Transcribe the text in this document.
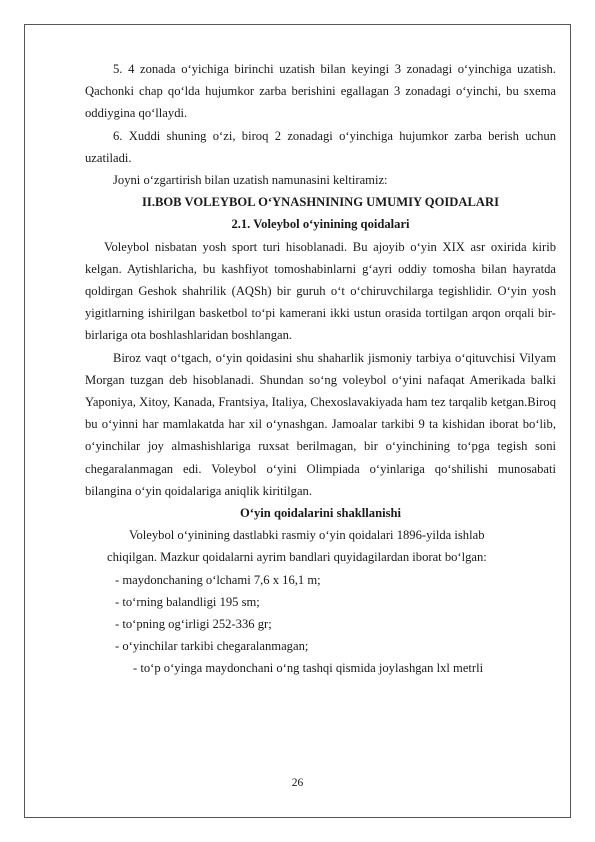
5. 4 zonada o‘yichiga birinchi uzatish bilan keyingi 3 zonadagi o‘yinchiga uzatish. Qachonki chap qo‘lda hujumkor zarba berishini egallagan 3 zonadagi o‘yinchi, bu sxema oddiygina qo‘llaydi.

6. Xuddi shuning o‘zi, biroq 2 zonadagi o‘yinchiga hujumkor zarba berish uchun uzatiladi.

Joyni o‘zgartirish bilan uzatish namunasini keltiramiz:

II.BOB VOLEYBOL O‘YNASHNINING UMUMIY QOIDALARI

2.1. Voleybol o‘yinining qoidalari

Voleybol nisbatan yosh sport turi hisoblanadi. Bu ajoyib o‘yin XIX asr oxirida kirib kelgan. Aytishlaricha, bu kashfiyot tomoshabinlarni g‘ayri oddiy tomosha bilan hayratda qoldirgan Geshok shahrilik (AQSh) bir guruh o‘t o‘chiruvchilarga tegishlidir. O‘yin yosh yigitlarning ishirilgan basketbol to‘pi kamerani ikki ustun orasida tortilgan arqon orqali bir-birlariga ota boshlashlaridan boshlangan.

Biroz vaqt o‘tgach, o‘yin qoidasini shu shaharlik jismoniy tarbiya o‘qituvchisi Vilyam Morgan tuzgan deb hisoblanadi. Shundan so‘ng voleybol o‘yini nafaqat Amerikada balki Yaponiya, Xitoy, Kanada, Frantsiya, Italiya, Chexoslavakiyada ham tez tarqalib ketgan.Biroq bu o‘yinni har mamlakatda har xil o‘ynashgan. Jamoalar tarkibi 9 ta kishidan iborat bo‘lib, o‘yinchilar joy almashishlariga ruxsat berilmagan, bir o‘yinchining to‘pga tegish soni chegaralanmagan edi. Voleybol o‘yini Olimpiada o‘yinlariga qo‘shilishi munosabati bilangina o‘yin qoidalariga aniqlik kiritilgan.

O‘yin qoidalarini shakllanishi

Voleybol o‘yinining dastlabki rasmiy o‘yin qoidalari 1896-yilda ishlab

chiqilgan. Mazkur qoidalarni ayrim bandlari quyidagilardan iborat bo‘lgan:

- maydonchaning o‘lchami 7,6 x 16,1 m;

- to‘rning balandligi 195 sm;

- to‘pning og‘irligi 252-336 gr;

- o‘yinchilar tarkibi chegaralanmagan;

- to‘p o‘yinga maydonchani o‘ng tashqi qismida joylashgan lxl metrli

26
